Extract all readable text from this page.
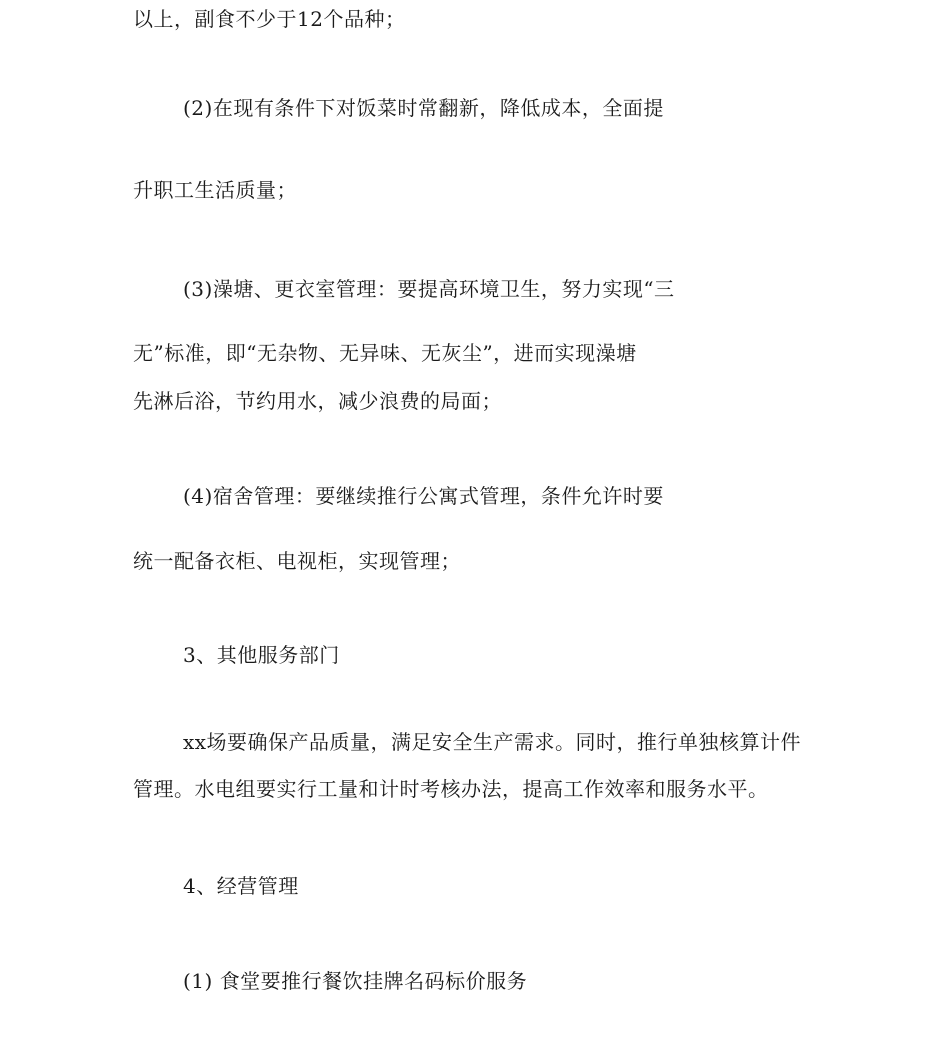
以上，副食不少于12个品种；
(2)在现有条件下对饭菜时常翻新，降低成本，全面提
升职工生活质量；
(3)澡塘、更衣室管理：要提高环境卫生，努力实现“三
无”标准，即“无杂物、无异味、无灰尘”，进而实现澡塘
先淋后浴，节约用水，减少浪费的局面；
(4)宿舍管理：要继续推行公寓式管理，条件允许时要
统一配备衣柜、电视柜，实现管理；
3、其他服务部门
xx场要确保产品质量，满足安全生产需求。同时，推行单独核算计件
管理。水电组要实行工量和计时考核办法，提高工作效率和服务水平。
4、经营管理
(1) 食堂要推行餐饮挂牌名码标价服务
